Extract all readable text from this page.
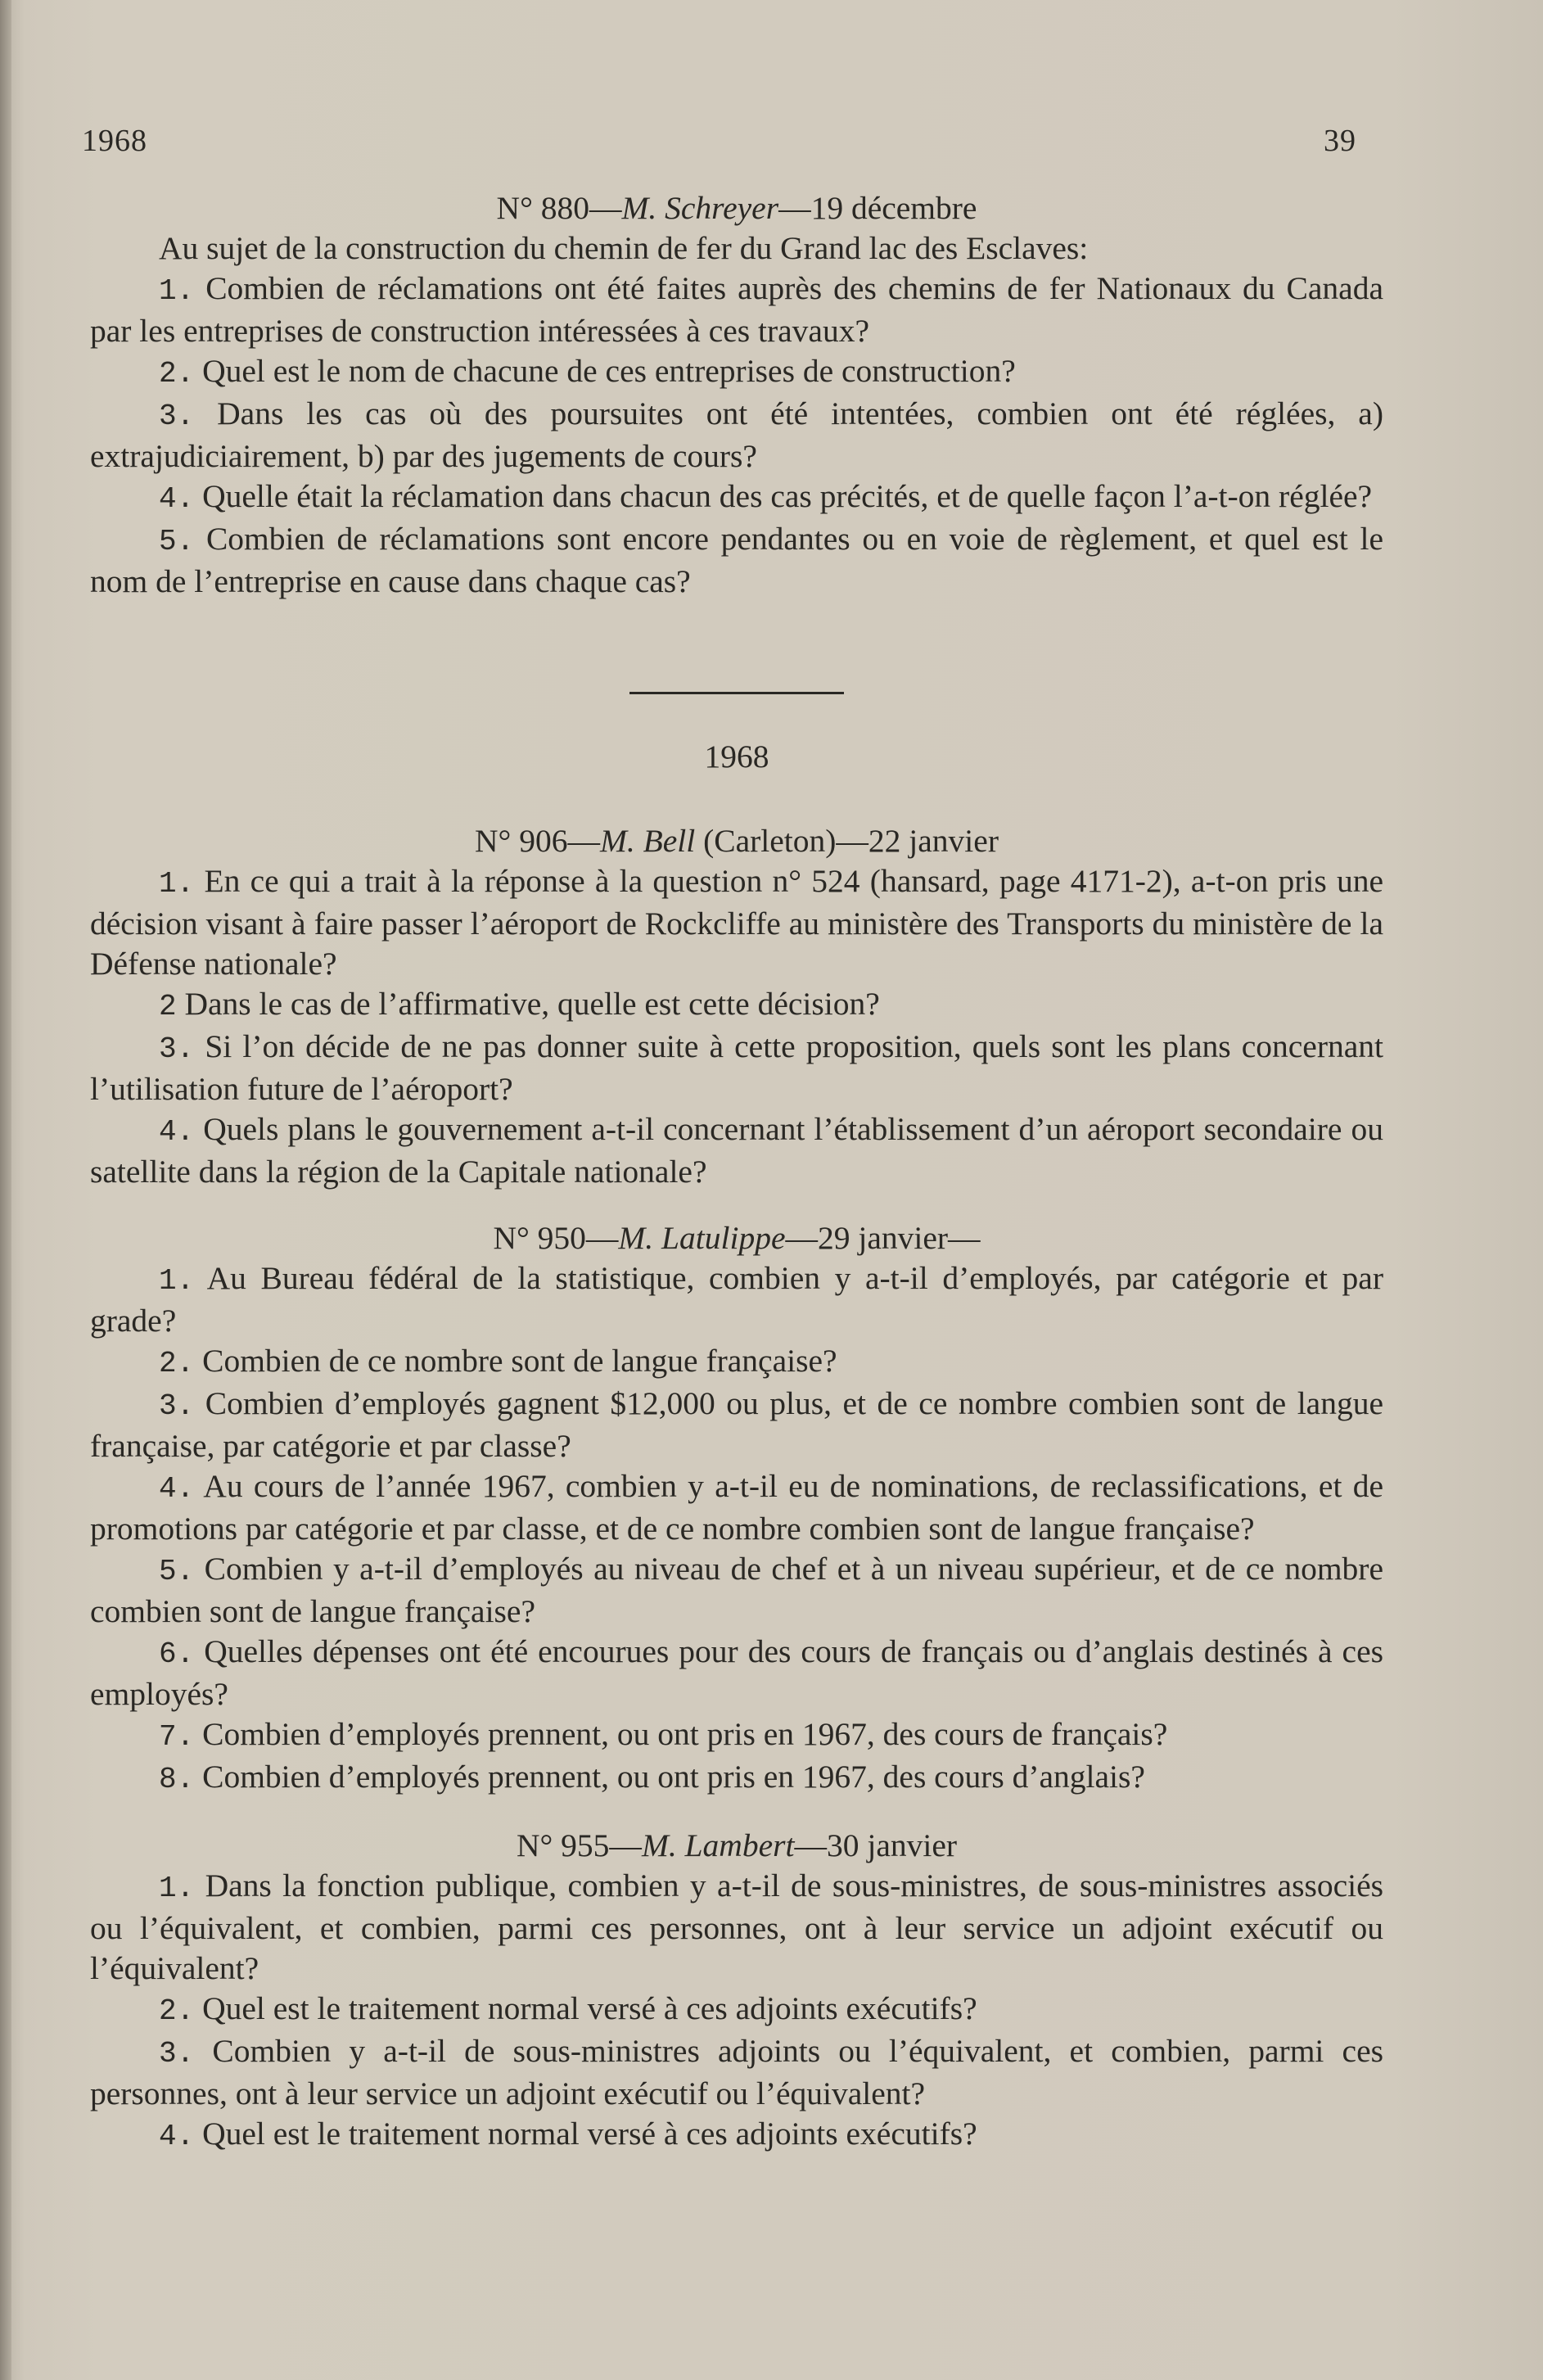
1968	39

N° 880—M. Schreyer—19 décembre

Au sujet de la construction du chemin de fer du Grand lac des Esclaves:

1. Combien de réclamations ont été faites auprès des chemins de fer Nationaux du Canada par les entreprises de construction intéressées à ces travaux?

2. Quel est le nom de chacune de ces entreprises de construction?

3. Dans les cas où des poursuites ont été intentées, combien ont été réglées, a) extrajudiciairement, b) par des jugements de cours?

4. Quelle était la réclamation dans chacun des cas précités, et de quelle façon l’a-t-on réglée?

5. Combien de réclamations sont encore pendantes ou en voie de règlement, et quel est le nom de l’entreprise en cause dans chaque cas?

1968

N° 906—M. Bell (Carleton)—22 janvier

1. En ce qui a trait à la réponse à la question n° 524 (hansard, page 4171-2), a-t-on pris une décision visant à faire passer l’aéroport de Rockcliffe au ministère des Transports du ministère de la Défense nationale?

2 Dans le cas de l’affirmative, quelle est cette décision?

3. Si l’on décide de ne pas donner suite à cette proposition, quels sont les plans concernant l’utilisation future de l’aéroport?

4. Quels plans le gouvernement a-t-il concernant l’établissement d’un aéroport secondaire ou satellite dans la région de la Capitale nationale?

N° 950—M. Latulippe—29 janvier—

1. Au Bureau fédéral de la statistique, combien y a-t-il d’employés, par catégorie et par grade?

2. Combien de ce nombre sont de langue française?

3. Combien d’employés gagnent $12,000 ou plus, et de ce nombre combien sont de langue française, par catégorie et par classe?

4. Au cours de l’année 1967, combien y a-t-il eu de nominations, de reclassifications, et de promotions par catégorie et par classe, et de ce nombre combien sont de langue française?

5. Combien y a-t-il d’employés au niveau de chef et à un niveau supérieur, et de ce nombre combien sont de langue française?

6. Quelles dépenses ont été encourues pour des cours de français ou d’anglais destinés à ces employés?

7. Combien d’employés prennent, ou ont pris en 1967, des cours de français?

8. Combien d’employés prennent, ou ont pris en 1967, des cours d’anglais?

N° 955—M. Lambert—30 janvier

1. Dans la fonction publique, combien y a-t-il de sous-ministres, de sous-ministres associés ou l’équivalent, et combien, parmi ces personnes, ont à leur service un adjoint exécutif ou l’équivalent?

2. Quel est le traitement normal versé à ces adjoints exécutifs?

3. Combien y a-t-il de sous-ministres adjoints ou l’équivalent, et combien, parmi ces personnes, ont à leur service un adjoint exécutif ou l’équivalent?

4. Quel est le traitement normal versé à ces adjoints exécutifs?
